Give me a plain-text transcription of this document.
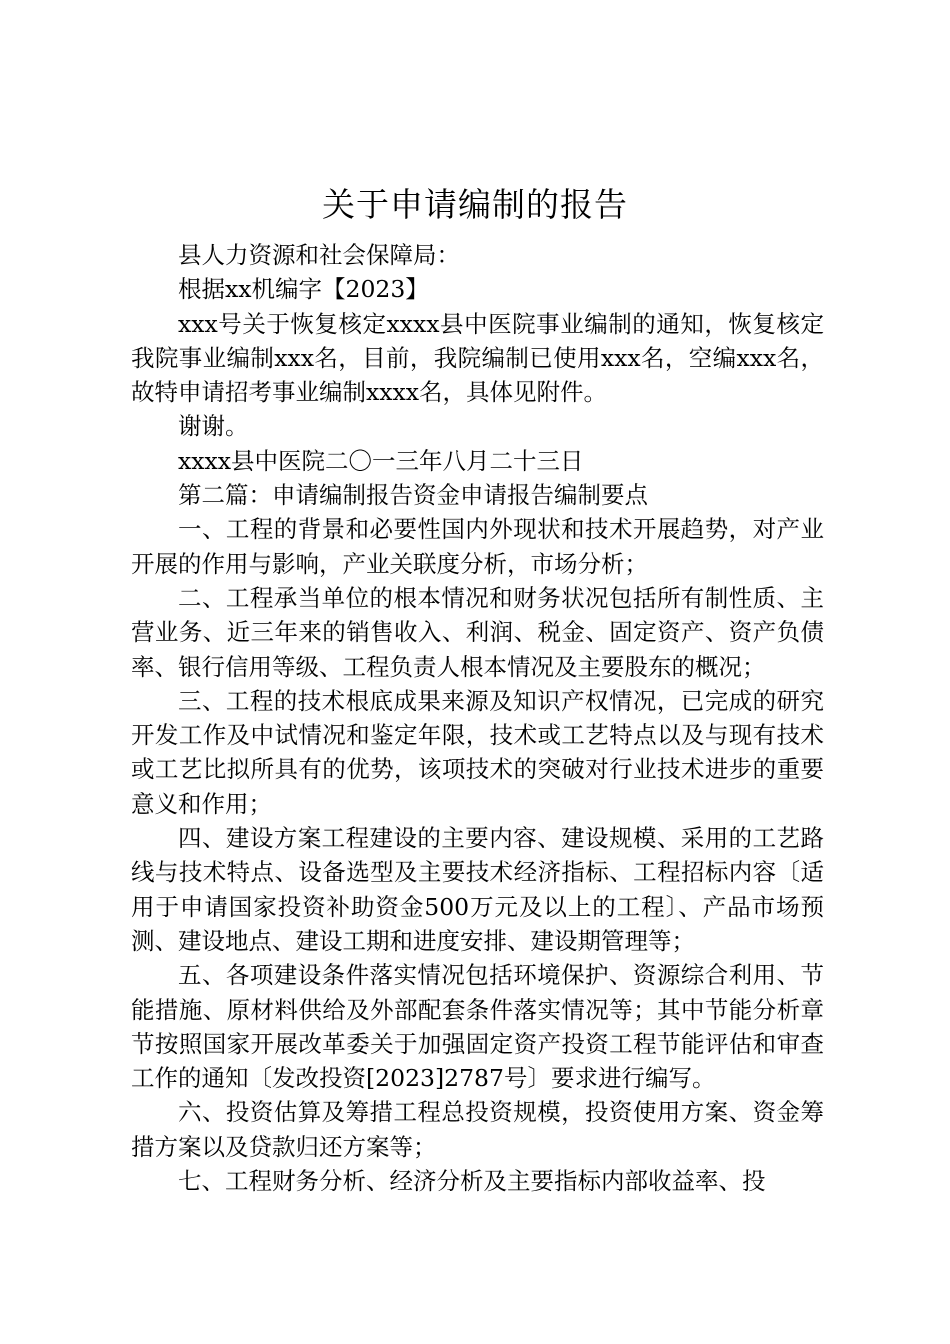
关于申请编制的报告

县人力资源和社会保障局：

根据xx机编字【2023】

xxx号关于恢复核定xxxx县中医院事业编制的通知，恢复核定我院事业编制xxx名，目前，我院编制已使用xxx名，空编xxx名，故特申请招考事业编制xxxx名，具体见附件。

谢谢。

xxxx县中医院二〇一三年八月二十三日

第二篇：申请编制报告资金申请报告编制要点

一、工程的背景和必要性国内外现状和技术开展趋势，对产业开展的作用与影响，产业关联度分析，市场分析；

二、工程承当单位的根本情况和财务状况包括所有制性质、主营业务、近三年来的销售收入、利润、税金、固定资产、资产负债率、银行信用等级、工程负责人根本情况及主要股东的概况；

三、工程的技术根底成果来源及知识产权情况，已完成的研究开发工作及中试情况和鉴定年限，技术或工艺特点以及与现有技术或工艺比拟所具有的优势，该项技术的突破对行业技术进步的重要意义和作用；

四、建设方案工程建设的主要内容、建设规模、采用的工艺路线与技术特点、设备选型及主要技术经济指标、工程招标内容〔适用于申请国家投资补助资金500万元及以上的工程〕、产品市场预测、建设地点、建设工期和进度安排、建设期管理等；

五、各项建设条件落实情况包括环境保护、资源综合利用、节能措施、原材料供给及外部配套条件落实情况等；其中节能分析章节按照国家开展改革委关于加强固定资产投资工程节能评估和审查工作的通知〔发改投资[2023]2787号〕要求进行编写。

六、投资估算及筹措工程总投资规模，投资使用方案、资金筹措方案以及贷款归还方案等；

七、工程财务分析、经济分析及主要指标内部收益率、投
